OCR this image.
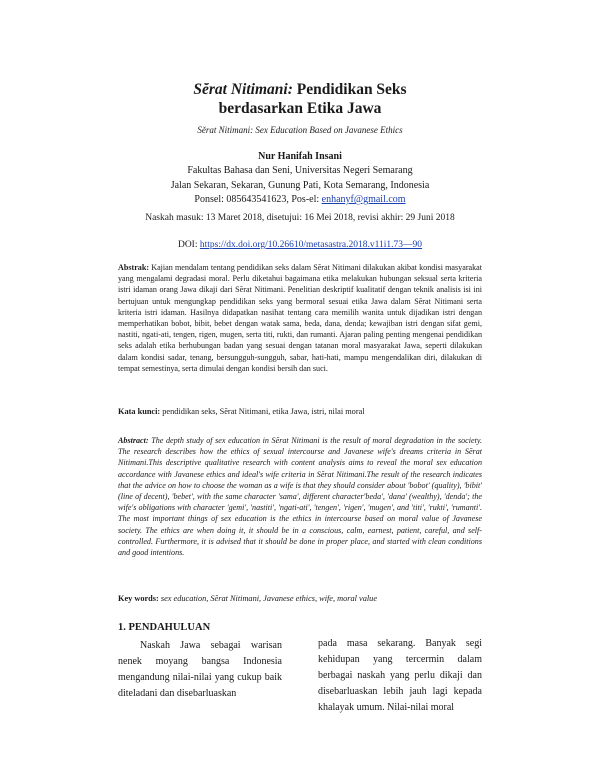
Sĕrat Nitimani: Pendidikan Seks
berdasarkan Etika Jawa
Sĕrat Nitimani: Sex Education Based on Javanese Ethics
Nur Hanifah Insani
Fakultas Bahasa dan Seni, Universitas Negeri Semarang
Jalan Sekaran, Sekaran, Gunung Pati, Kota Semarang, Indonesia
Ponsel: 085643541623, Pos-el: enhanyf@gmail.com
Naskah masuk: 13 Maret 2018, disetujui: 16 Mei 2018, revisi akhir: 29 Juni 2018
DOI: https://dx.doi.org/10.26610/metasastra.2018.v11i1.73—90
Abstrak: Kajian mendalam tentang pendidikan seks dalam Sĕrat Nitimani dilakukan akibat kondisi masyarakat yang mengalami degradasi moral. Perlu diketahui bagaimana etika melakukan hubungan seksual serta kriteria istri idaman orang Jawa dikaji dari Sĕrat Nitimani. Penelitian deskriptif kualitatif dengan teknik analisis isi ini bertujuan untuk mengungkap pendidikan seks yang bermoral sesuai etika Jawa dalam Sĕrat Nitimani serta kriteria istri idaman. Hasilnya didapatkan nasihat tentang cara memilih wanita untuk dijadikan istri dengan memperhatikan bobot, bibit, bebet dengan watak sama, beda, dana, denda; kewajiban istri dengan sifat gemi, nastiti, ngati-ati, tengen, rigen, mugen, serta titi, rukti, dan rumanti. Ajaran paling penting mengenai pendidikan seks adalah etika berhubungan badan yang sesuai dengan tatanan moral masyarakat Jawa, seperti dilakukan dalam kondisi sadar, tenang, bersungguh-sungguh, sabar, hati-hati, mampu mengendalikan diri, dilakukan di tempat semestinya, serta dimulai dengan kondisi bersih dan suci.
Kata kunci: pendidikan seks, Sĕrat Nitimani, etika Jawa, istri, nilai moral
Abstract: The depth study of sex education in Sĕrat Nitimani is the result of moral degradation in the society. The research describes how the ethics of sexual intercourse and Javanese wife's dreams criteria in Sĕrat Nitimani.This descriptive qualitative research with content analysis aims to reveal the moral sex education accordance with Javanese ethics and ideal's wife criteria in Sĕrat Nitimani.The result of the research indicates that the advice on how to choose the woman as a wife is that they should consider about 'bobot' (quality), 'bibit' (line of decent), 'bebet', with the same character 'sama', different character'beda', 'dana' (wealthy), 'denda'; the wife's obligations with character 'gemi', 'nastiti', 'ngati-ati', 'tengen', 'rigen', 'mugen', and 'titi', 'rukti', 'rumanti'. The most important things of sex education is the ethics in intercourse based on moral value of Javanese society. The ethics are when doing it, it should be in a conscious, calm, earnest, patient, careful, and self-controlled. Furthermore, it is advised that it should be done in proper place, and started with clean conditions and good intentions.
Key words: sex education, Sĕrat Nitimani, Javanese ethics, wife, moral value
1. PENDAHULUAN
Naskah Jawa sebagai warisan nenek moyang bangsa Indonesia mengandung nilai-nilai yang cukup baik diteladani dan disebarluaskan
pada masa sekarang. Banyak segi kehidupan yang tercermin dalam berbagai naskah yang perlu dikaji dan disebarluaskan lebih jauh lagi kepada khalayak umum. Nilai-nilai moral
